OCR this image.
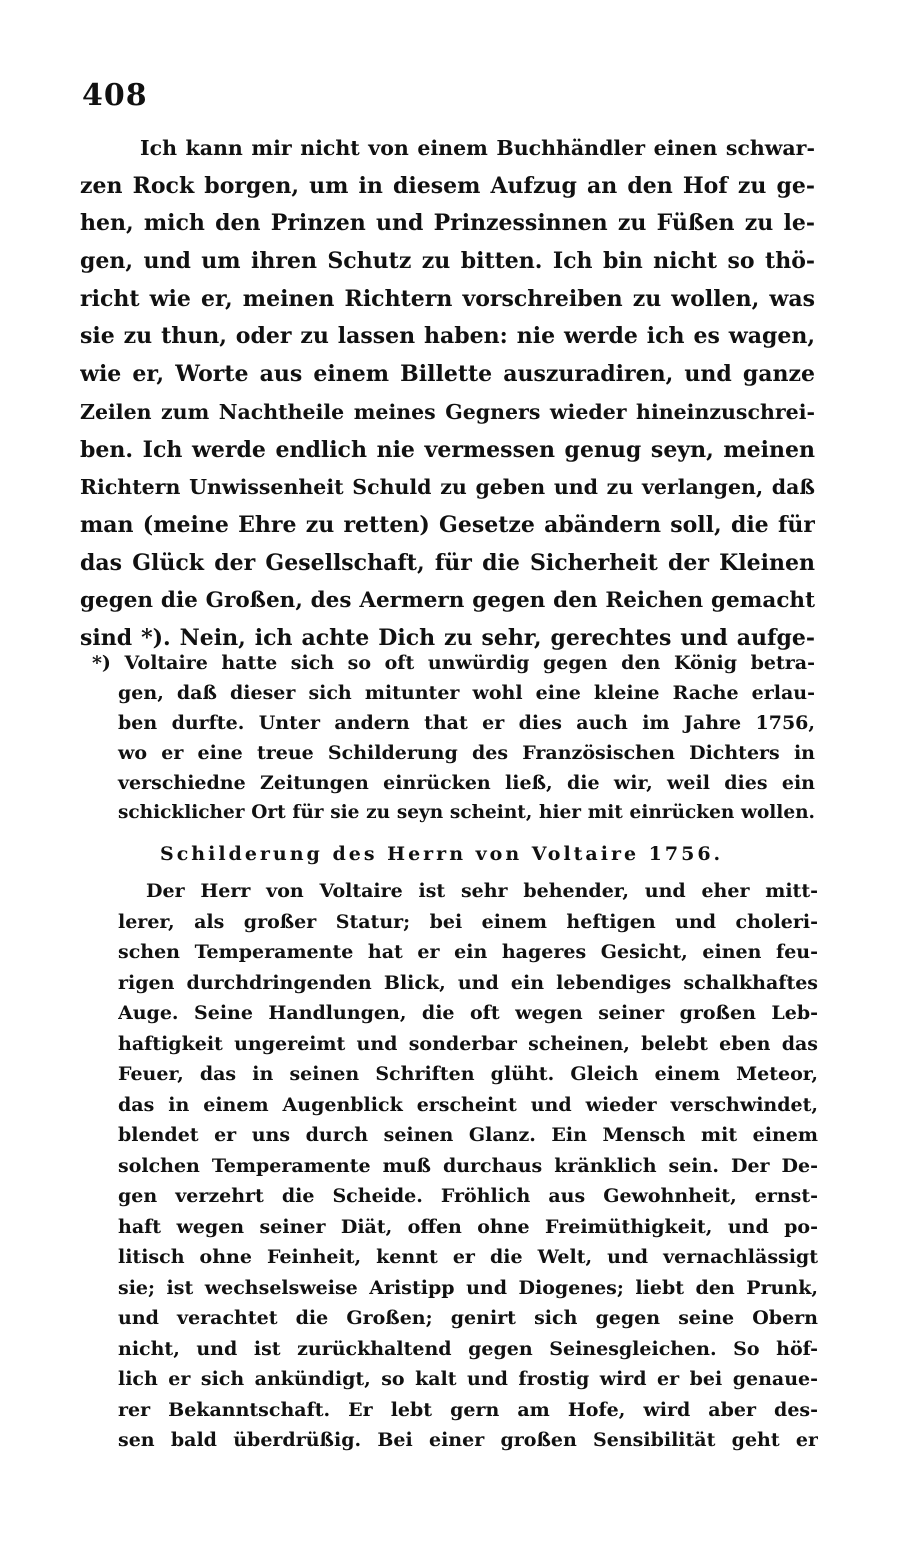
408
Ich kann mir nicht von einem Buchhändler einen schwar-
zen Rock borgen, um in diesem Aufzug an den Hof zu ge-
hen, mich den Prinzen und Prinzessinnen zu Füßen zu le-
gen, und um ihren Schutz zu bitten. Ich bin nicht so thö-
richt wie er, meinen Richtern vorschreiben zu wollen, was
sie zu thun, oder zu lassen haben: nie werde ich es wagen,
wie er, Worte aus einem Billette auszuradiren, und ganze
Zeilen zum Nachtheile meines Gegners wieder hineinzuschrei-
ben. Ich werde endlich nie vermessen genug seyn, meinen
Richtern Unwissenheit Schuld zu geben und zu verlangen, daß
man (meine Ehre zu retten) Gesetze abändern soll, die für
das Glück der Gesellschaft, für die Sicherheit der Kleinen
gegen die Großen, des Aermern gegen den Reichen gemacht
sind *). Nein, ich achte Dich zu sehr, gerechtes und aufge-
*) Voltaire hatte sich so oft unwürdig gegen den König betra-
gen, daß dieser sich mitunter wohl eine kleine Rache erlau-
ben durfte. Unter andern that er dies auch im Jahre 1756,
wo er eine treue Schilderung des Französischen Dichters in
verschiedne Zeitungen einrücken ließ, die wir, weil dies ein
schicklicher Ort für sie zu seyn scheint, hier mit einrücken wollen.
Schilderung des Herrn von Voltaire 1756.
Der Herr von Voltaire ist sehr behender, und eher mitt-
lerer, als großer Statur; bei einem heftigen und choleri-
schen Temperamente hat er ein hageres Gesicht, einen feu-
rigen durchdringenden Blick, und ein lebendiges schalkhaftes
Auge. Seine Handlungen, die oft wegen seiner großen Leb-
haftigkeit ungereimt und sonderbar scheinen, belebt eben das
Feuer, das in seinen Schriften glüht. Gleich einem Meteor,
das in einem Augenblick erscheint und wieder verschwindet,
blendet er uns durch seinen Glanz. Ein Mensch mit einem
solchen Temperamente muß durchaus kränklich sein. Der De-
gen verzehrt die Scheide. Fröhlich aus Gewohnheit, ernst-
haft wegen seiner Diät, offen ohne Freimüthigkeit, und po-
litisch ohne Feinheit, kennt er die Welt, und vernachlässigt
sie; ist wechselsweise Aristipp und Diogenes; liebt den Prunk,
und verachtet die Großen; genirt sich gegen seine Obern
nicht, und ist zurückhaltend gegen Seinesgleichen. So höf-
lich er sich ankündigt, so kalt und frostig wird er bei genaue-
rer Bekanntschaft. Er lebt gern am Hofe, wird aber des-
sen bald überdrüßig. Bei einer großen Sensibilität geht er
